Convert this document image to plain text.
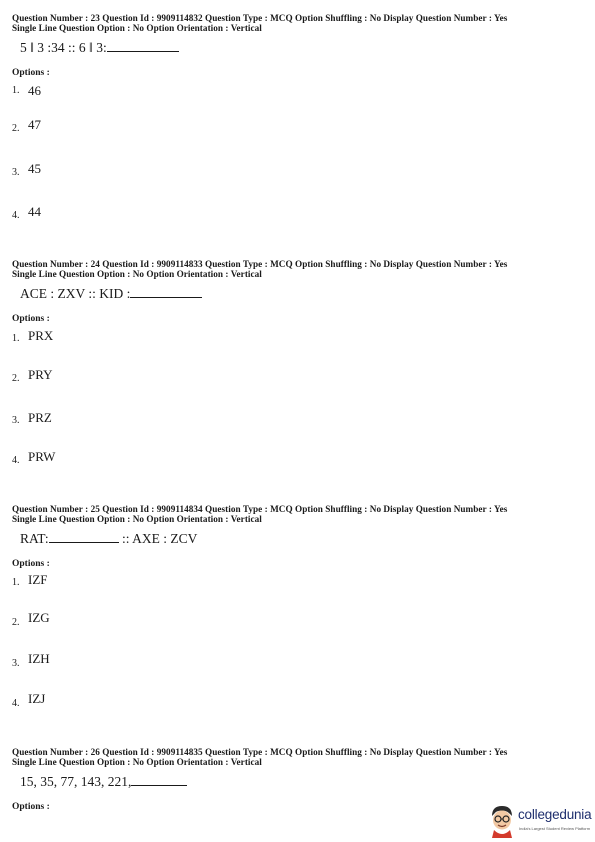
Question Number : 23 Question Id : 9909114832 Question Type : MCQ Option Shuffling : No Display Question Number : Yes
Single Line Question Option : No Option Orientation : Vertical
5 ‖ 3 :34 :: 6 ‖ 3:
Options :
1. 46
2. 47
3. 45
4. 44
Question Number : 24 Question Id : 9909114833 Question Type : MCQ Option Shuffling : No Display Question Number : Yes
Single Line Question Option : No Option Orientation : Vertical
ACE : ZXV :: KID :
Options :
1. PRX
2. PRY
3. PRZ
4. PRW
Question Number : 25 Question Id : 9909114834 Question Type : MCQ Option Shuffling : No Display Question Number : Yes
Single Line Question Option : No Option Orientation : Vertical
RAT:	:: AXE : ZCV
Options :
1. IZF
2. IZG
3. IZH
4. IZJ
Question Number : 26 Question Id : 9909114835 Question Type : MCQ Option Shuffling : No Display Question Number : Yes
Single Line Question Option : No Option Orientation : Vertical
15, 35, 77, 143, 221,
Options :
collegedunia
India's Largest Student Review Platform
